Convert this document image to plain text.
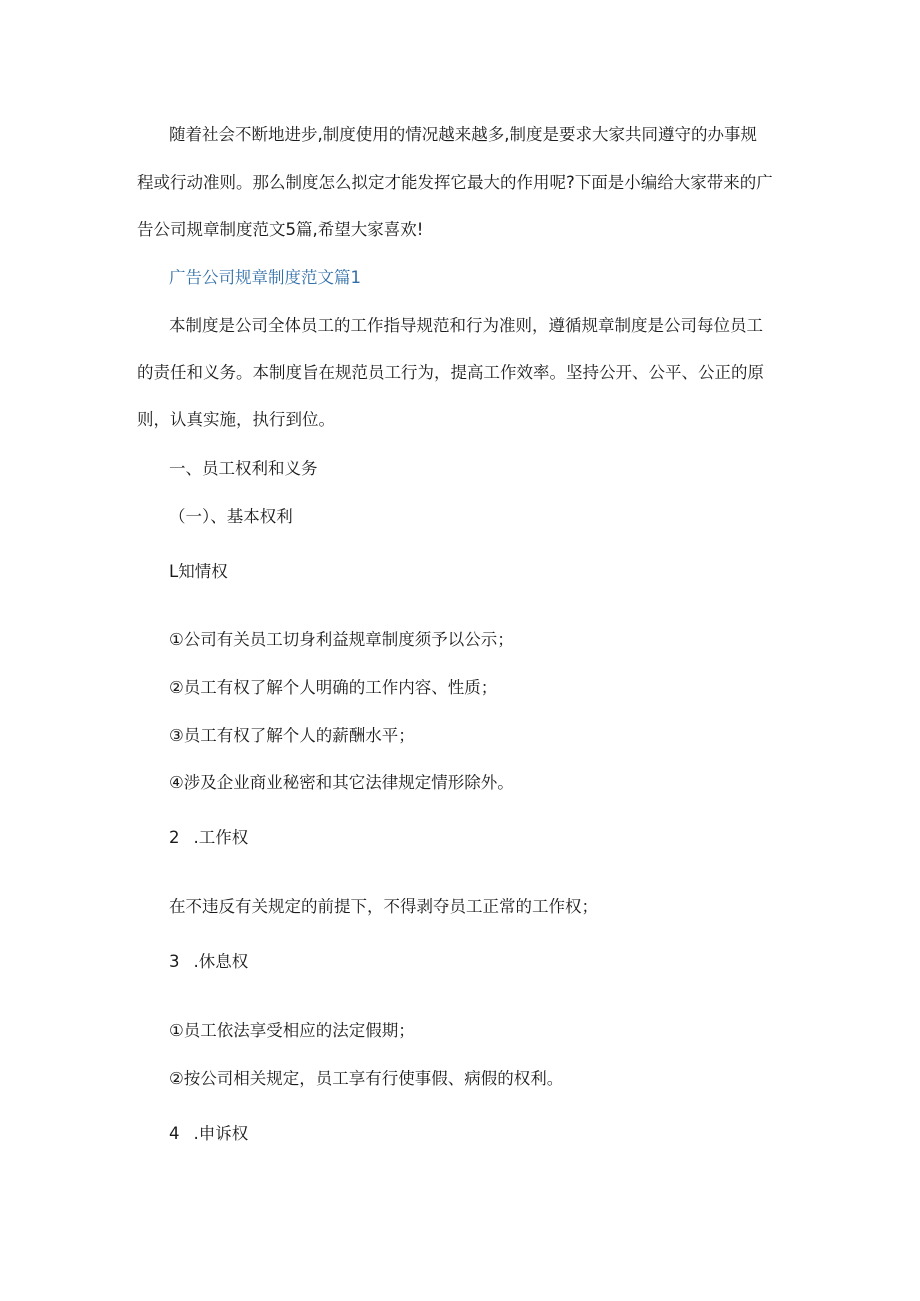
随着社会不断地进步,制度使用的情况越来越多,制度是要求大家共同遵守的办事规
程或行动准则。那么制度怎么拟定才能发挥它最大的作用呢?下面是小编给大家带来的广
告公司规章制度范文5篇,希望大家喜欢!
广告公司规章制度范文篇1
本制度是公司全体员工的工作指导规范和行为准则，遵循规章制度是公司每位员工
的责任和义务。本制度旨在规范员工行为，提高工作效率。坚持公开、公平、公正的原
则，认真实施，执行到位。
一、员工权利和义务
（一）、基本权利
L知情权
①公司有关员工切身利益规章制度须予以公示；
②员工有权了解个人明确的工作内容、性质；
③员工有权了解个人的薪酬水平；
④涉及企业商业秘密和其它法律规定情形除外。
2 .工作权
在不违反有关规定的前提下，不得剥夺员工正常的工作权；
3 .休息权
①员工依法享受相应的法定假期；
②按公司相关规定，员工享有行使事假、病假的权利。
4 .申诉权
